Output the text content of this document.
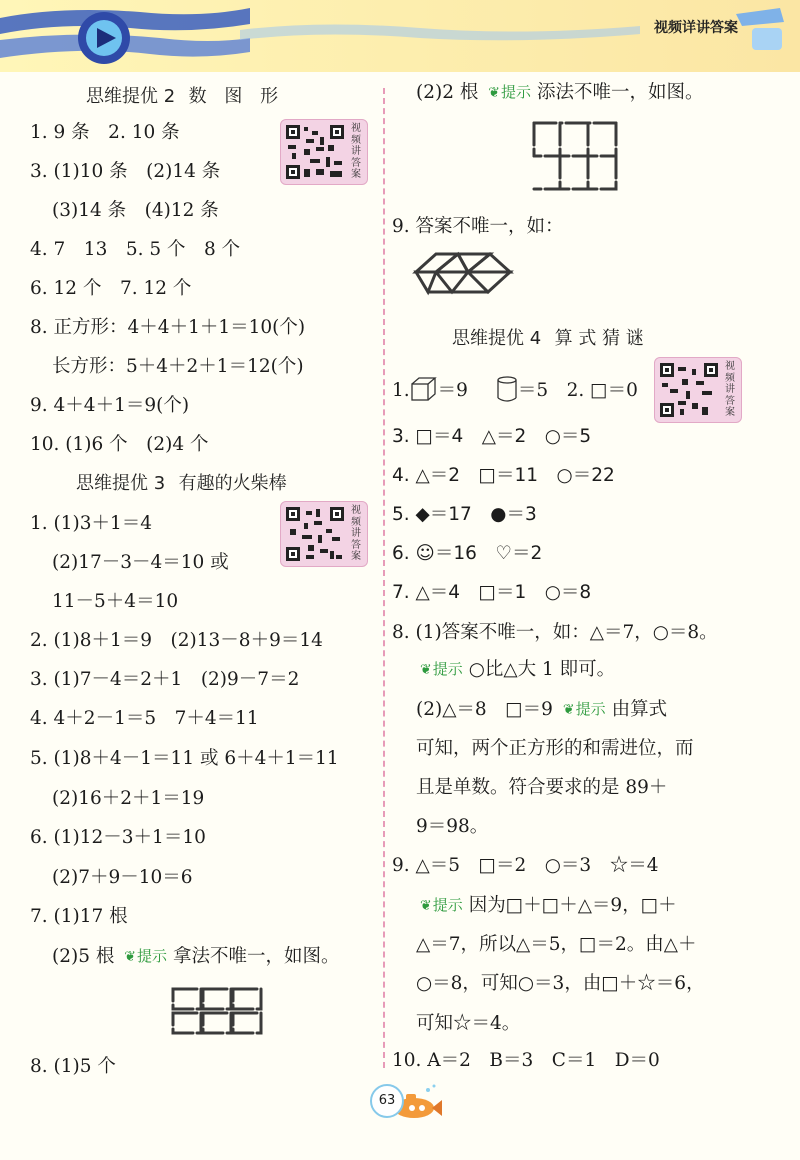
视频详讲答案
思维提优 2 数 图 形
视频讲答案
1. 9 条　2. 10 条
3. (1)10 条　(2)14 条
(3)14 条　(4)12 条
4. 7　13　5. 5 个　8 个
6. 12 个　7. 12 个
8. 正方形：4＋4＋1＋1＝10(个)
长方形：5＋4＋2＋1＝12(个)
9. 4＋4＋1＝9(个)
10. (1)6 个　(2)4 个
思维提优 3 有趣的火柴棒
视频讲答案
1. (1)3＋1＝4
(2)17－3－4＝10 或
11－5＋4＝10
2. (1)8＋1＝9　(2)13－8＋9＝14
3. (1)7－4＝2＋1　(2)9－7＝2
4. 4＋2－1＝5　7＋4＝11
5. (1)8＋4－1＝11 或 6＋4＋1＝11
(2)16＋2＋1＝19
6. (1)12－3＋1＝10
(2)7＋9－10＝6
7. (1)17 根
(2)5 根 ❦提示 拿法不唯一，如图。
8. (1)5 个
(2)2 根 ❦提示 添法不唯一，如图。
9. 答案不唯一，如：
思维提优 4 算 式 猜 谜
视频讲答案
1. ＝9	＝5　2. □＝0
3. □＝4　△＝2　○＝5
4. △＝2　□＝11　○＝22
5. ◆＝17　●＝3
6. ☺＝16　♡＝2
7. △＝4　□＝1　○＝8
8. (1)答案不唯一，如：△＝7，○＝8。
❦提示 ○比△大 1 即可。
(2)△＝8　□＝9 ❦提示 由算式
可知，两个正方形的和需进位，而
且是单数。符合要求的是 89＋
9＝98。
9. △＝5　□＝2　○＝3　☆＝4
❦提示 因为□＋□＋△＝9，□＋
△＝7，所以△＝5，□＝2。由△＋
○＝8，可知○＝3，由□＋☆＝6，
可知☆＝4。
10. A＝2　B＝3　C＝1　D＝0
63
